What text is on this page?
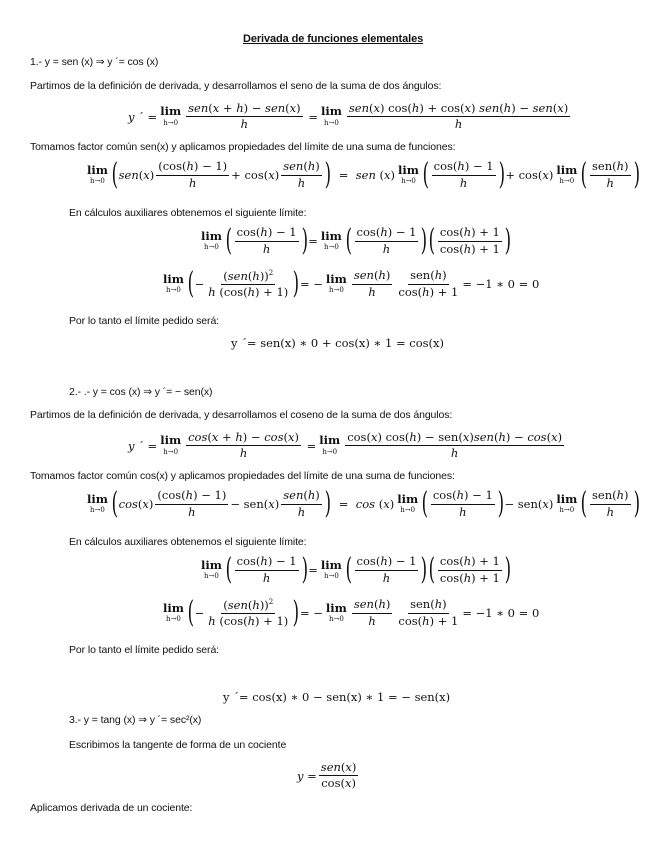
Derivada de funciones elementales
1.- y = sen (x) ⇒ y ´= cos (x)
Partimos de la definición de derivada, y desarrollamos el seno de la suma de dos ángulos:
y ´ = lim
$h\to 0 \frac{\text{sen(x + h) − sen(x)}}{h} = \lim$
$h\to 0 \frac{\text{sen(x) cos(h) + cos(x) sen(h) − sen(x)}}{h}$
Tomamos factor común sen(x) y aplicamos propiedades del límite de una suma de funciones:
lim
h→0 ( sen ( x ) $\frac{(\cos(h) - 1)}{h} + \cos$( x ) $\frac{\text{sen(h)}}{h}$ ) = sen ( x ) lim
h→0 ( $\frac{\cos(h) - 1}{h}$ ) + cos( x ) lim
h→0 ( $\frac{\text{sen(h)}}{h}$ )
En cálculos auxiliares obtenemos el siguiente límite:
lim
h→0 ( $\frac{\cos(h) - 1}{h}$ ) = lim
h→0 ( $\frac{\cos(h) - 1}{h}$ ) ( $\frac{\cos(h) + 1}{\cos(h) + 1}$ )
lim
h→0 ( − $\frac{(sen(h))^2}{h (\cos(h) + 1)}$ ) = − lim
$h\to 0 \frac{\text{sen(h)}}{h} \frac{\text{sen(h)}}{\cos(h) + 1} = -1$ ∗ 0 = 0
Por lo tanto el límite pedido será:
y ´= sen(x) ∗ 0 + cos(x) ∗ 1 = cos(x)
2.- .- y = cos (x) ⇒ y ´= − sen(x)
Partimos de la definición de derivada, y desarrollamos el coseno de la suma de dos ángulos:
y ´ = lim
$h\to 0 \frac{\cos(x + h) - \cos(x)}{h} = \lim$
$h\to 0 \frac{\text{cos(x) cos(h) − sen(x)sen(h) − cos(x)}}{h}$
Tomamos factor común cos(x) y aplicamos propiedades del límite de una suma de funciones:
lim
h→0 ( cos ( x ) $\frac{(\cos(h) - 1)}{h} - sen$( x ) $\frac{\text{sen(h)}}{h}$ ) = cos ( x ) lim
h→0 ( $\frac{\cos(h) - 1}{h}$ ) − sen( x ) lim
h→0 ( $\frac{\text{sen(h)}}{h}$ )
En cálculos auxiliares obtenemos el siguiente límite:
lim
h→0 ( $\frac{\cos(h) - 1}{h}$ ) = lim
h→0 ( $\frac{\cos(h) - 1}{h}$ ) ( $\frac{\cos(h) + 1}{\cos(h) + 1}$ )
lim
h→0 ( − $\frac{(sen(h))^2}{h (\cos(h) + 1)}$ ) = − lim
$h\to 0 \frac{\text{sen(h)}}{h} \frac{\text{sen(h)}}{\cos(h) + 1} = -1$ ∗ 0 = 0
Por lo tanto el límite pedido será:
y ´= cos(x) ∗ 0 − sen(x) ∗ 1 = − sen(x)
3.- y = tang (x) ⇒ y ´= sec²(x)
Escribimos la tangente de forma de un cociente
$y = \frac{\text{sen(x)}}{\cos(x)}$
Aplicamos derivada de un cociente:
